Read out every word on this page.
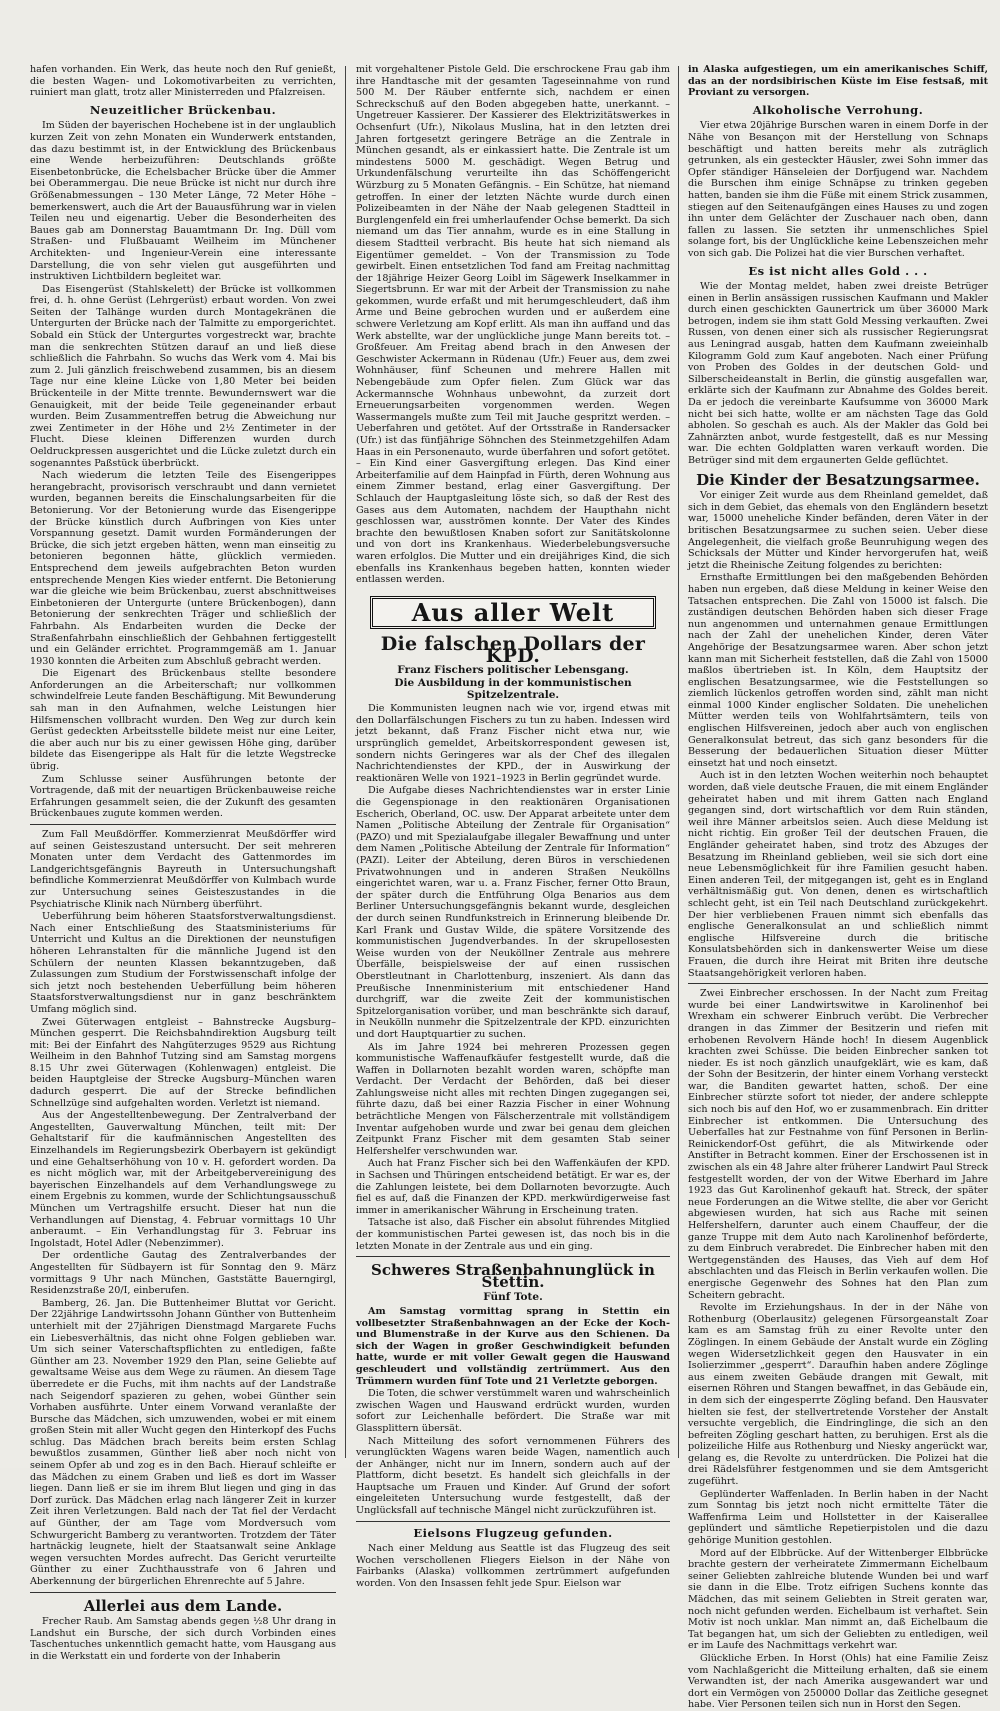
hafen vorhanden. Ein Werk, das heute noch den Ruf genießt, die besten Wagen- und Lokomotivarbeiten zu verrichten, ruiniert man glatt, trotz aller Ministerreden und Pfalzreisen.

Neuzeitlicher Brückenbau.

Im Süden der bayerischen Hochebene ist in der unglaublich kurzen Zeit von zehn Monaten ein Wunderwerk entstanden, das dazu bestimmt ist, in der Entwicklung des Brückenbaus eine Wende herbeizuführen: Deutschlands größte Eisenbetonbrücke, die Echelsbacher Brücke über die Ammer bei Oberammergau. Die neue Brücke ist nicht nur durch ihre Größenabmessungen – 130 Meter Länge, 72 Meter Höhe – bemerkenswert, auch die Art der Bauausführung war in vielen Teilen neu und eigenartig. Ueber die Besonderheiten des Baues gab am Donnerstag Bauamtmann Dr. Ing. Düll vom Straßen- und Flußbauamt Weilheim im Münchener Architekten- und Ingenieur-Verein eine interessante Darstellung, die von sehr vielen gut ausgeführten und instruktiven Lichtbildern begleitet war.

Das Eisengerüst (Stahlskelett) der Brücke ist vollkommen frei, d. h. ohne Gerüst (Lehrgerüst) erbaut worden. Von zwei Seiten der Talhänge wurden durch Montagekränen die Untergurten der Brücke nach der Talmitte zu emporgerichtet. Sobald ein Stück der Untergurtes vorgestreckt war, brachte man die senkrechten Stützen darauf an und ließ diese schließlich die Fahrbahn. So wuchs das Werk vom 4. Mai bis zum 2. Juli gänzlich freischwebend zusammen, bis an diesem Tage nur eine kleine Lücke von 1,80 Meter bei beiden Brückenteile in der Mitte trennte. Bewundernswert war die Genauigkeit, mit der beide Teile gegeneinander erbaut wurden. Beim Zusammentreffen betrug die Abweichung nur zwei Zentimeter in der Höhe und 2½ Zentimeter in der Flucht. Diese kleinen Differenzen wurden durch Oeldruckpressen ausgerichtet und die Lücke zuletzt durch ein sogenanntes Paßstück überbrückt.

Nach wiederum die letzten Teile des Eisengerippes herangebracht, provisorisch verschraubt und dann vernietet wurden, begannen bereits die Einschalungsarbeiten für die Betonierung. Vor der Betonierung wurde das Eisengerippe der Brücke künstlich durch Aufbringen von Kies unter Vorspannung gesetzt. Damit wurden Formänderungen der Brücke, die sich jetzt ergeben hätten, wenn man einseitig zu betonieren begonnen hätte, glücklich vermieden. Entsprechend dem jeweils aufgebrachten Beton wurden entsprechende Mengen Kies wieder entfernt. Die Betonierung war die gleiche wie beim Brückenbau, zuerst abschnittweises Einbetonieren der Untergurte (untere Brückenbogen), dann Betonierung der senkrechten Träger und schließlich der Fahrbahn. Als Endarbeiten wurden die Decke der Straßenfahrbahn einschließlich der Gehbahnen fertiggestellt und ein Geländer errichtet. Programmgemäß am 1. Januar 1930 konnten die Arbeiten zum Abschluß gebracht werden.

Die Eigenart des Brückenbaus stellte besondere Anforderungen an die Arbeiterschaft; nur vollkommen schwindelfreie Leute fanden Beschäftigung. Mit Bewunderung sah man in den Aufnahmen, welche Leistungen hier Hilfsmenschen vollbracht wurden. Den Weg zur durch kein Gerüst gedeckten Arbeitsstelle bildete meist nur eine Leiter, die aber auch nur bis zu einer gewissen Höhe ging, darüber bildete das Eisengerippe als Halt für die letzte Wegstrecke übrig.

Zum Schlusse seiner Ausführungen betonte der Vortragende, daß mit der neuartigen Brückenbauweise reiche Erfahrungen gesammelt seien, die der Zukunft des gesamten Brückenbaues zugute kommen werden.

Zum Fall Meußdörffer. Kommerzienrat Meußdörffer wird auf seinen Geisteszustand untersucht. Der seit mehreren Monaten unter dem Verdacht des Gattenmordes im Landgerichtsgefängnis Bayreuth in Untersuchungshaft befindliche Kommerzienrat Meußdörffer von Kulmbach wurde zur Untersuchung seines Geisteszustandes in die Psychiatrische Klinik nach Nürnberg überführt.

Ueberführung beim höheren Staatsforstverwaltungsdienst. Nach einer Entschließung des Staatsministeriums für Unterricht und Kultus an die Direktionen der neunstufigen höheren Lehranstalten für die männliche Jugend ist den Schülern der neunten Klassen bekanntzugeben, daß Zulassungen zum Studium der Forstwissenschaft infolge der sich jetzt noch bestehenden Ueberfüllung beim höheren Staatsforstverwaltungsdienst nur in ganz beschränktem Umfang möglich sind.

Zwei Güterwagen entgleist – Bahnstrecke Augsburg–München gesperrt. Die Reichsbahndirektion Augsburg teilt mit: Bei der Einfahrt des Nahgüterzuges 9529 aus Richtung Weilheim in den Bahnhof Tutzing sind am Samstag morgens 8.15 Uhr zwei Güterwagen (Kohlenwagen) entgleist. Die beiden Hauptgleise der Strecke Augsburg–München waren dadurch gesperrt. Die auf der Strecke befindlichen Schnellzüge sind aufgehalten worden. Verletzt ist niemand.

Aus der Angestelltenbewegung. Der Zentralverband der Angestellten, Gauverwaltung München, teilt mit: Der Gehaltstarif für die kaufmännischen Angestellten des Einzelhandels im Regierungsbezirk Oberbayern ist gekündigt und eine Gehaltserhöhung von 10 v. H. gefordert worden. Da es nicht möglich war, mit der Arbeitgebervereinigung des bayerischen Einzelhandels auf dem Verhandlungswege zu einem Ergebnis zu kommen, wurde der Schlichtungsausschuß München um Vertragshilfe ersucht. Dieser hat nun die Verhandlungen auf Dienstag, 4. Februar vormittags 10 Uhr anberaumt. – Ein Verhandlungstag für 3. Februar ins Ingolstadt, Hotel Adler (Nebenzimmer).

Der ordentliche Gautag des Zentralverbandes der Angestellten für Südbayern ist für Sonntag den 9. März vormittags 9 Uhr nach München, Gaststätte Bauerngirgl, Residenzstraße 20/I, einberufen.

Bamberg, 26. Jan. Die Buttenheimer Bluttat vor Gericht. Der 22jährige Landwirtssohn Johann Günther von Buttenheim unterhielt mit der 27jährigen Dienstmagd Margarete Fuchs ein Liebesverhältnis, das nicht ohne Folgen geblieben war. Um sich seiner Vaterschaftspflichten zu entledigen, faßte Günther am 23. November 1929 den Plan, seine Geliebte auf gewaltsame Weise aus dem Wege zu räumen. An diesem Tage überredete er die Fuchs, mit ihm nachts auf der Landstraße nach Seigendorf spazieren zu gehen, wobei Günther sein Vorhaben ausführte. Unter einem Vorwand veranlaßte der Bursche das Mädchen, sich umzuwenden, wobei er mit einem großen Stein mit aller Wucht gegen den Hinterkopf des Fuchs schlug. Das Mädchen brach bereits beim ersten Schlag bewußtlos zusammen, Günther ließ aber noch nicht von seinem Opfer ab und zog es in den Bach. Hierauf schleifte er das Mädchen zu einem Graben und ließ es dort im Wasser liegen. Dann ließ er sie im ihrem Blut liegen und ging in das Dorf zurück. Das Mädchen erlag nach längerer Zeit in kurzer Zeit ihren Verletzungen. Bald nach der Tat fiel der Verdacht auf Günther, der am Tage vom Mordversuch vom Schwurgericht Bamberg zu verantworten. Trotzdem der Täter hartnäckig leugnete, hielt der Staatsanwalt seine Anklage wegen versuchten Mordes aufrecht. Das Gericht verurteilte Günther zu einer Zuchthausstrafe von 6 Jahren und Aberkennung der bürgerlichen Ehrenrechte auf 5 Jahre.

Allerlei aus dem Lande.

Frecher Raub. Am Samstag abends gegen ½8 Uhr drang in Landshut ein Bursche, der sich durch Vorbinden eines Taschentuches unkenntlich gemacht hatte, vom Hausgang aus in die Werkstatt ein und forderte von der Inhaberin

mit vorgehaltener Pistole Geld. Die erschrockene Frau gab ihm ihre Handtasche mit der gesamten Tageseinnahme von rund 500 M. Der Räuber entfernte sich, nachdem er einen Schreckschuß auf den Boden abgegeben hatte, unerkannt. – Ungetreuer Kassierer. Der Kassierer des Elektrizitätswerkes in Ochsenfurt (Ufr.), Nikolaus Muslina, hat in den letzten drei Jahren fortgesetzt geringere Beträge an die Zentrale in München gesandt, als er einkassiert hatte. Die Zentrale ist um mindestens 5000 M. geschädigt. Wegen Betrug und Urkundenfälschung verurteilte ihn das Schöffengericht Würzburg zu 5 Monaten Gefängnis. – Ein Schütze, hat niemand getroffen. In einer der letzten Nächte wurde durch einen Polizeibeamten in der Nähe der Naab gelegenen Stadtteil in Burglengenfeld ein frei umherlaufender Ochse bemerkt. Da sich niemand um das Tier annahm, wurde es in eine Stallung in diesem Stadtteil verbracht. Bis heute hat sich niemand als Eigentümer gemeldet. – Von der Transmission zu Tode gewirbelt. Einen entsetzlichen Tod fand am Freitag nachmittag der 18jährige Heizer Georg Loibl im Sägewerk Inselkammer in Siegertsbrunn. Er war mit der Arbeit der Transmission zu nahe gekommen, wurde erfaßt und mit herumgeschleudert, daß ihm Arme und Beine gebrochen wurden und er außerdem eine schwere Verletzung am Kopf erlitt. Als man ihn auffand und das Werk abstellte, war der unglückliche junge Mann bereits tot. – Großfeuer. Am Freitag abend brach in den Anwesen der Geschwister Ackermann in Rüdenau (Ufr.) Feuer aus, dem zwei Wohnhäuser, fünf Scheunen und mehrere Hallen mit Nebengebäude zum Opfer fielen. Zum Glück war das Ackermannsche Wohnhaus unbewohnt, da zurzeit dort Erneuerungsarbeiten vorgenommen werden. Wegen Wassermangels mußte zum Teil mit Jauche gespritzt werden. – Ueberfahren und getötet. Auf der Ortsstraße in Randersacker (Ufr.) ist das fünfjährige Söhnchen des Steinmetzgehilfen Adam Haas in ein Personenauto, wurde überfahren und sofort getötet. – Ein Kind einer Gasvergiftung erlegen. Das Kind einer Arbeiterfamilie auf dem Hainpfad in Fürth, deren Wohnung aus einem Zimmer bestand, erlag einer Gasvergiftung. Der Schlauch der Hauptgasleitung löste sich, so daß der Rest des Gases aus dem Automaten, nachdem der Haupthahn nicht geschlossen war, ausströmen konnte. Der Vater des Kindes brachte den bewußtlosen Knaben sofort zur Sanitätskolonne und von dort ins Krankenhaus. Wiederbelebungsversuche waren erfolglos. Die Mutter und ein dreijähriges Kind, die sich ebenfalls ins Krankenhaus begeben hatten, konnten wieder entlassen werden.

Aus aller Welt
Die falschen Dollars der KPD.
Franz Fischers politischer Lebensgang.
Die Ausbildung in der kommunistischen Spitzelzentrale.

Die Kommunisten leugnen nach wie vor, irgend etwas mit den Dollarfälschungen Fischers zu tun zu haben. Indessen wird jetzt bekannt, daß Franz Fischer nicht etwa nur, wie ursprünglich gemeldet, Arbeitskorrespondent gewesen ist, sondern nichts Geringeres war als der Chef des illegalen Nachrichtendienstes der KPD., der in Auswirkung der reaktionären Welle von 1921–1923 in Berlin gegründet wurde.

Die Aufgabe dieses Nachrichtendienstes war in erster Linie die Gegenspionage in den reaktionären Organisationen Escherich, Oberland, OC. usw. Der Apparat arbeitete unter dem Namen „Politische Abteilung der Zentrale für Organisation“ (PAZO) und mit Spezialaufgabe illegaler Bewaffnung und unter dem Namen „Politische Abteilung der Zentrale für Information“ (PAZI). Leiter der Abteilung, deren Büros in verschiedenen Privatwohnungen und in anderen Straßen Neuköllns eingerichtet waren, war u. a. Franz Fischer, ferner Otto Braun, der später durch die Entführung Olga Benarios aus dem Berliner Untersuchungsgefängnis bekannt wurde, desgleichen der durch seinen Rundfunkstreich in Erinnerung bleibende Dr. Karl Frank und Gustav Wilde, die spätere Vorsitzende des kommunistischen Jugendverbandes. In der skrupellosesten Weise wurden von der Neuköllner Zentrale aus mehrere Überfälle, beispielsweise der auf einen russischen Oberstleutnant in Charlottenburg, inszeniert. Als dann das Preußische Innenministerium mit entschiedener Hand durchgriff, war die zweite Zeit der kommunistischen Spitzelorganisation vorüber, und man beschränkte sich darauf, in Neukölln nunmehr die Spitzelzentrale der KPD. einzurichten und dort Hauptquartier zu suchen.

Als im Jahre 1924 bei mehreren Prozessen gegen kommunistische Waffenaufkäufer festgestellt wurde, daß die Waffen in Dollarnoten bezahlt worden waren, schöpfte man Verdacht. Der Verdacht der Behörden, daß bei dieser Zahlungsweise nicht alles mit rechten Dingen zugegangen sei, führte dazu, daß bei einer Razzia Fischer in einer Wohnung beträchtliche Mengen von Fälscherzentrale mit vollständigem Inventar aufgehoben wurde und zwar bei genau dem gleichen Zeitpunkt Franz Fischer mit dem gesamten Stab seiner Helfershelfer verschwunden war.

Auch hat Franz Fischer sich bei den Waffenkäufen der KPD. in Sachsen und Thüringen entscheidend betätigt. Er war es, der die Zahlungen leistete, bei dem Dollarnoten bevorzugte. Auch fiel es auf, daß die Finanzen der KPD. merkwürdigerweise fast immer in amerikanischer Währung in Erscheinung traten.

Tatsache ist also, daß Fischer ein absolut führendes Mitglied der kommunistischen Partei gewesen ist, das noch bis in die letzten Monate in der Zentrale aus und ein ging.

Schweres Straßenbahnunglück in Stettin.
Fünf Tote.

Am Samstag vormittag sprang in Stettin ein vollbesetzter Straßenbahnwagen an der Ecke der Koch- und Blumenstraße in der Kurve aus den Schienen. Da sich der Wagen in großer Geschwindigkeit befunden hatte, wurde er mit voller Gewalt gegen die Hauswand geschleudert und vollständig zertrümmert. Aus den Trümmern wurden fünf Tote und 21 Verletzte geborgen.

Die Toten, die schwer verstümmelt waren und wahrscheinlich zwischen Wagen und Hauswand erdrückt wurden, wurden sofort zur Leichenhalle befördert. Die Straße war mit Glassplittern übersät.

Nach Mitteilung des sofort vernommenen Führers des verunglückten Wagens waren beide Wagen, namentlich auch der Anhänger, nicht nur im Innern, sondern auch auf der Plattform, dicht besetzt. Es handelt sich gleichfalls in der Hauptsache um Frauen und Kinder. Auf Grund der sofort eingeleiteten Untersuchung wurde festgestellt, daß der Unglücksfall auf technische Mängel nicht zurückzuführen ist.

Eielsons Flugzeug gefunden.

Nach einer Meldung aus Seattle ist das Flugzeug des seit Wochen verschollenen Fliegers Eielson in der Nähe von Fairbanks (Alaska) vollkommen zertrümmert aufgefunden worden. Von den Insassen fehlt jede Spur. Eielson war

in Alaska aufgestiegen, um ein amerikanisches Schiff, das an der nordsibirischen Küste im Eise festsaß, mit Proviant zu versorgen.

Alkoholische Verrohung.

Vier etwa 20jährige Burschen waren in einem Dorfe in der Nähe von Besançon mit der Herstellung von Schnaps beschäftigt und hatten bereits mehr als zuträglich getrunken, als ein gesteckter Häusler, zwei Sohn immer das Opfer ständiger Hänseleien der Dorfjugend war. Nachdem die Burschen ihm einige Schnäpse zu trinken gegeben hatten, banden sie ihm die Füße mit einem Strick zusammen, stiegen auf den Seitenaufgängen eines Hauses zu und zogen ihn unter dem Gelächter der Zuschauer nach oben, dann fallen zu lassen. Sie setzten ihr unmenschliches Spiel solange fort, bis der Unglückliche keine Lebenszeichen mehr von sich gab. Die Polizei hat die vier Burschen verhaftet.

Es ist nicht alles Gold . . .

Wie der Montag meldet, haben zwei dreiste Betrüger einen in Berlin ansässigen russischen Kaufmann und Makler durch einen geschickten Gaunertrick um über 36000 Mark betrogen, indem sie ihm statt Gold Messing verkauften. Zwei Russen, von denen einer sich als russischer Regierungsrat aus Leningrad ausgab, hatten dem Kaufmann zweieinhalb Kilogramm Gold zum Kauf angeboten. Nach einer Prüfung von Proben des Goldes in der deutschen Gold- und Silberscheideanstalt in Berlin, die günstig ausgefallen war, erklärte sich der Kaufmann zur Abnahme des Goldes bereit. Da er jedoch die vereinbarte Kaufsumme von 36000 Mark nicht bei sich hatte, wollte er am nächsten Tage das Gold abholen. So geschah es auch. Als der Makler das Gold bei Zahnärzten anbot, wurde festgestellt, daß es nur Messing war. Die echten Goldplatten waren verkauft worden. Die Betrüger sind mit dem ergaunerten Gelde geflüchtet.

Die Kinder der Besatzungsarmee.

Vor einiger Zeit wurde aus dem Rheinland gemeldet, daß sich in dem Gebiet, das ehemals von den Engländern besetzt war, 15000 uneheliche Kinder befänden, deren Väter in der britischen Besatzungsarmee zu suchen seien. Ueber diese Angelegenheit, die vielfach große Beunruhigung wegen des Schicksals der Mütter und Kinder hervorgerufen hat, weiß jetzt die Rheinische Zeitung folgendes zu berichten:

Ernsthafte Ermittlungen bei den maßgebenden Behörden haben nun ergeben, daß diese Meldung in keiner Weise den Tatsachen entsprechen. Die Zahl von 15000 ist falsch. Die zuständigen deutschen Behörden haben sich dieser Frage nun angenommen und unternahmen genaue Ermittlungen nach der Zahl der unehelichen Kinder, deren Väter Angehörige der Besatzungsarmee waren. Aber schon jetzt kann man mit Sicherheit feststellen, daß die Zahl von 15000 maßlos übertrieben ist. In Köln, dem Hauptsitz der englischen Besatzungsarmee, wie die Feststellungen so ziemlich lückenlos getroffen worden sind, zählt man nicht einmal 1000 Kinder englischer Soldaten. Die unehelichen Mütter werden teils von Wohlfahrtsämtern, teils von englischen Hilfsvereinen, jedoch aber auch von englischen Generalkonsulat betreut, das sich ganz besonders für die Besserung der bedauerlichen Situation dieser Mütter einsetzt hat und noch einsetzt.

Auch ist in den letzten Wochen weiterhin noch behauptet worden, daß viele deutsche Frauen, die mit einem Engländer geheiratet haben und mit ihrem Gatten nach England gegangen sind, dort wirtschaftlich vor dem Ruin ständen, weil ihre Männer arbeitslos seien. Auch diese Meldung ist nicht richtig. Ein großer Teil der deutschen Frauen, die Engländer geheiratet haben, sind trotz des Abzuges der Besatzung im Rheinland geblieben, weil sie sich dort eine neue Lebensmöglichkeit für ihre Familien gesucht haben. Einen anderen Teil, der mitgegangen ist, geht es in England verhältnismäßig gut. Von denen, denen es wirtschaftlich schlecht geht, ist ein Teil nach Deutschland zurückgekehrt. Der hier verbliebenen Frauen nimmt sich ebenfalls das englische Generalkonsulat an und schließlich nimmt englische Hilfsvereine durch die britische Konsulatsbehörden sich in dankenswerter Weise um diese Frauen, die durch ihre Heirat mit Briten ihre deutsche Staatsangehörigkeit verloren haben.

Zwei Einbrecher erschossen. In der Nacht zum Freitag wurde bei einer Landwirtswitwe in Karolinenhof bei Wrexham ein schwerer Einbruch verübt. Die Verbrecher drangen in das Zimmer der Besitzerin und riefen mit erhobenen Revolvern Hände hoch! In diesem Augenblick krachten zwei Schüsse. Die beiden Einbrecher sanken tot nieder. Es ist noch gänzlich unaufgeklärt, wie es kam, daß der Sohn der Besitzerin, der hinter einem Vorhang versteckt war, die Banditen gewartet hatten, schoß. Der eine Einbrecher stürzte sofort tot nieder, der andere schleppte sich noch bis auf den Hof, wo er zusammenbrach. Ein dritter Einbrecher ist entkommen. Die Untersuchung des Ueberfalles hat zur Festnahme von fünf Personen in Berlin-Reinickendorf-Ost geführt, die als Mitwirkende oder Anstifter in Betracht kommen. Einer der Erschossenen ist in zwischen als ein 48 Jahre alter früherer Landwirt Paul Streck festgestellt worden, der von der Witwe Eberhard im Jahre 1923 das Gut Karolinenhof gekauft hat. Streck, der später neue Forderungen an die Witwe stellte, die aber vor Gericht abgewiesen wurden, hat sich aus Rache mit seinen Helfershelfern, darunter auch einem Chauffeur, der die ganze Truppe mit dem Auto nach Karolinenhof beförderte, zu dem Einbruch verabredet. Die Einbrecher haben mit den Wertgegenständen des Hauses, das Vieh auf dem Hof abschlachten und das Fleisch in Berlin verkaufen wollen. Die energische Gegenwehr des Sohnes hat den Plan zum Scheitern gebracht.

Revolte im Erziehungshaus. In der in der Nähe von Rothenburg (Oberlausitz) gelegenen Fürsorgeanstalt Zoar kam es am Samstag früh zu einer Revolte unter den Zöglingen. In einem Gebäude der Anstalt wurde ein Zögling wegen Widersetzlichkeit gegen den Hausvater in ein Isolierzimmer „gesperrt“. Daraufhin haben andere Zöglinge aus einem zweiten Gebäude drangen mit Gewalt, mit eisernen Röhren und Stangen bewaffnet, in das Gebäude ein, in dem sich der eingesperrte Zögling befand. Den Hausvater hielten sie fest, der stellvertretende Vorsteher der Anstalt versuchte vergeblich, die Eindringlinge, die sich an den befreiten Zögling geschart hatten, zu beruhigen. Erst als die polizeiliche Hilfe aus Rothenburg und Niesky angerückt war, gelang es, die Revolte zu unterdrücken. Die Polizei hat die drei Rädelsführer festgenommen und sie dem Amtsgericht zugeführt.

Geplünderter Waffenladen. In Berlin haben in der Nacht zum Sonntag bis jetzt noch nicht ermittelte Täter die Waffenfirma Leim und Hollstetter in der Kaiserallee geplündert und sämtliche Repetierpistolen und die dazu gehörige Munition gestohlen.

Mord auf der Elbbrücke. Auf der Wittenberger Elbbrücke brachte gestern der verheiratete Zimmermann Eichelbaum seiner Geliebten zahlreiche blutende Wunden bei und warf sie dann in die Elbe. Trotz eifrigen Suchens konnte das Mädchen, das mit seinem Geliebten in Streit geraten war, noch nicht gefunden werden. Eichelbaum ist verhaftet. Sein Motiv ist noch unklar. Man nimmt an, daß Eichelbaum die Tat begangen hat, um sich der Geliebten zu entledigen, weil er im Laufe des Nachmittags verkehrt war.

Glückliche Erben. In Horst (Ohls) hat eine Familie Zeisz vom Nachlaßgericht die Mitteilung erhalten, daß sie einem Verwandten ist, der nach Amerika ausgewandert war und dort ein Vermögen von 250000 Dollar das Zeitliche gesegnet habe. Vier Personen teilen sich nun in Horst den Segen.
